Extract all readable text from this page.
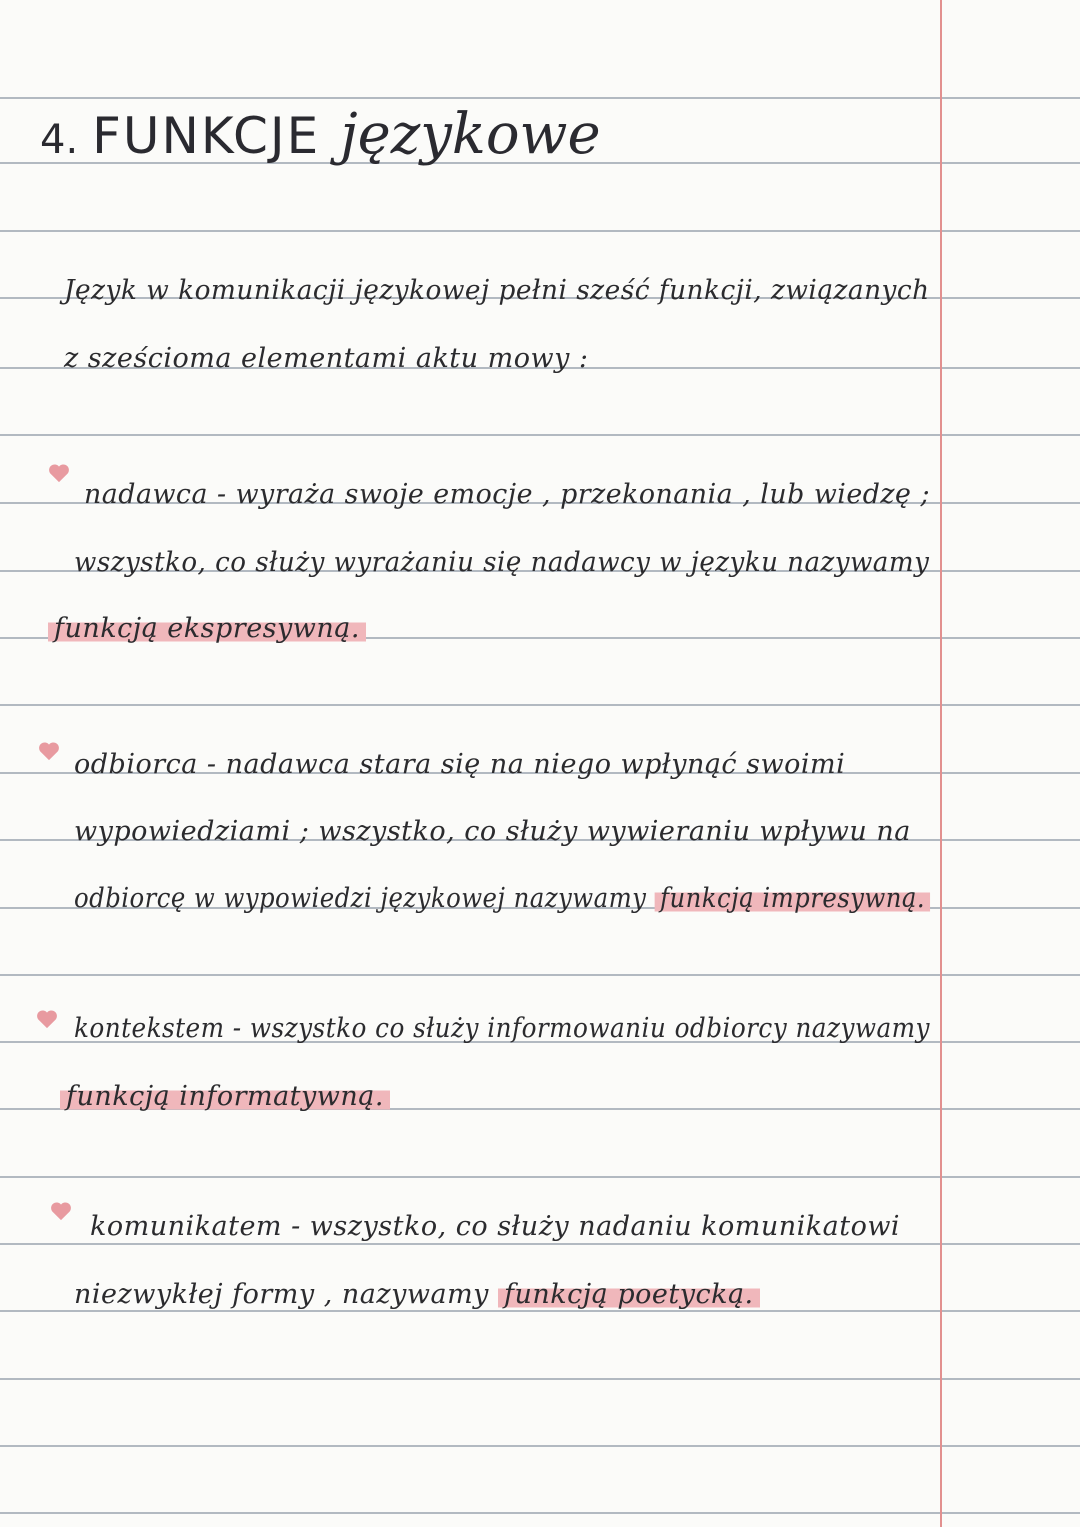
4. FUNKCJE językowe
Język w komunikacji językowej pełni sześć funkcji, związanych
z sześcioma elementami aktu mowy :
nadawca - wyraża swoje emocje , przekonania , lub wiedzę ;
wszystko, co służy wyrażaniu się nadawcy w języku nazywamy
funkcją ekspresywną.
odbiorca - nadawca stara się na niego wpłynąć swoimi
wypowiedziami ; wszystko, co służy wywieraniu wpływu na
odbiorcę w wypowiedzi językowej nazywamy funkcją impresywną.
kontekstem - wszystko co służy informowaniu odbiorcy nazywamy
funkcją informatywną.
komunikatem - wszystko, co służy nadaniu komunikatowi
niezwykłej formy , nazywamy funkcją poetycką.
